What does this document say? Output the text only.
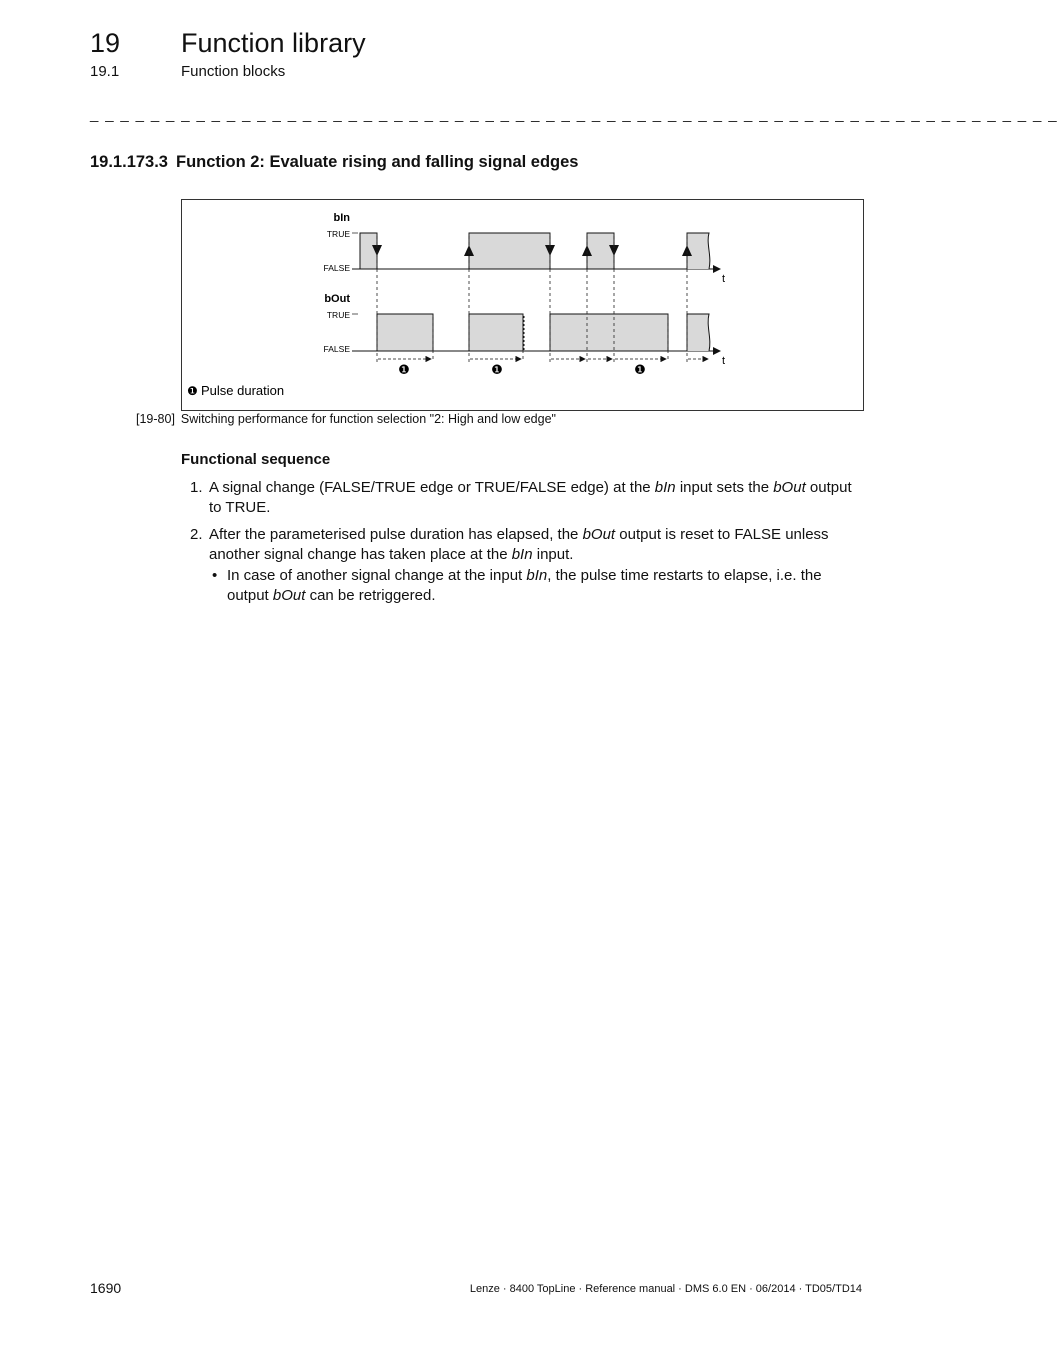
19 Function library
19.1	Function blocks
_ _ _ _ _ _ _ _ _ _ _ _ _ _ _ _ _ _ _ _ _ _ _ _ _ _ _ _ _ _ _ _ _ _ _ _ _ _ _ _ _ _ _ _ _ _ _ _ _ _ _ _ _ _ _ _ _ _ _ _ _ _ _ _
19.1.173.3 Function 2: Evaluate rising and falling signal edges
bIn
TRUE
FALSE
t
bOut
TRUE
FALSE
t
❶	❶	❶
❶ Pulse duration
[19-80] Switching performance for function selection "2: High and low edge"
Functional sequence
1. A signal change (FALSE/TRUE edge or TRUE/FALSE edge) at the bIn input sets the bOut output to TRUE.
2. After the parameterised pulse duration has elapsed, the bOut output is reset to FALSE unless another signal change has taken place at the bIn input.
• In case of another signal change at the input bIn, the pulse time restarts to elapse, i.e. the output bOut can be retriggered.
1690	Lenze · 8400 TopLine · Reference manual · DMS 6.0 EN · 06/2014 · TD05/TD14
